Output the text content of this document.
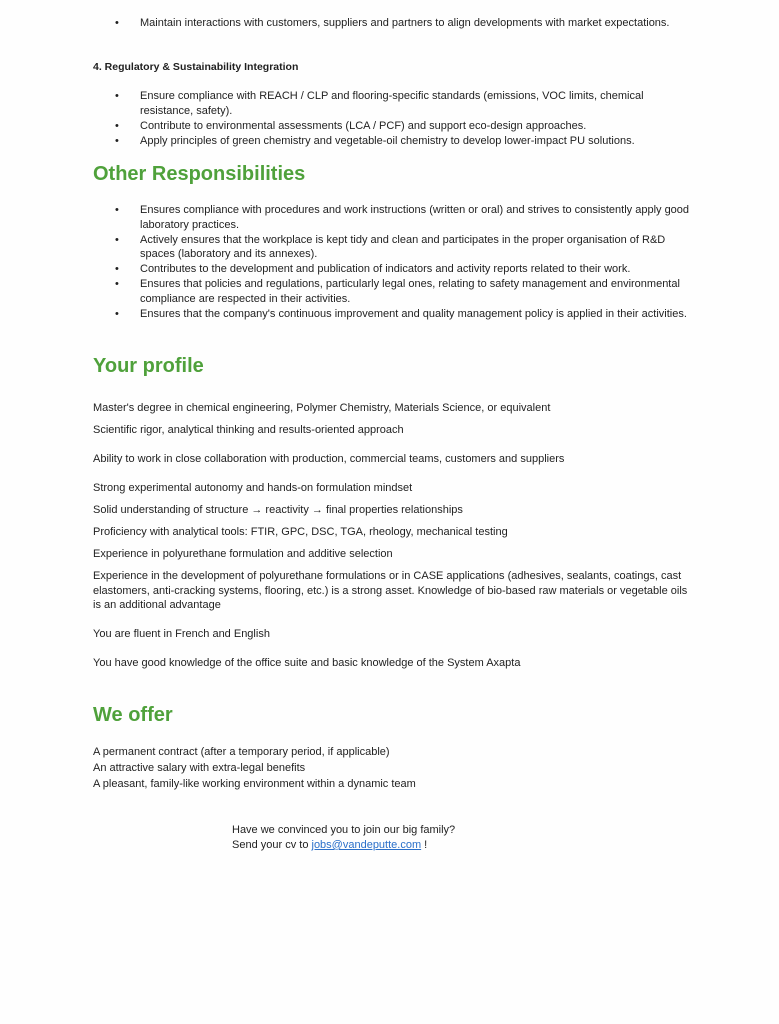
• Maintain interactions with customers, suppliers and partners to align developments with market expectations.
4. Regulatory & Sustainability Integration
• Ensure compliance with REACH / CLP and flooring-specific standards (emissions, VOC limits, chemical resistance, safety).
• Contribute to environmental assessments (LCA / PCF) and support eco-design approaches.
• Apply principles of green chemistry and vegetable-oil chemistry to develop lower-impact PU solutions.
Other Responsibilities
• Ensures compliance with procedures and work instructions (written or oral) and strives to consistently apply good laboratory practices.
• Actively ensures that the workplace is kept tidy and clean and participates in the proper organisation of R&D spaces (laboratory and its annexes).
• Contributes to the development and publication of indicators and activity reports related to their work.
• Ensures that policies and regulations, particularly legal ones, relating to safety management and environmental compliance are respected in their activities.
• Ensures that the company's continuous improvement and quality management policy is applied in their activities.
Your profile
Master's degree in chemical engineering, Polymer Chemistry, Materials Science, or equivalent
Scientific rigor, analytical thinking and results-oriented approach
Ability to work in close collaboration with production, commercial teams, customers and suppliers
Strong experimental autonomy and hands-on formulation mindset
Solid understanding of structure → reactivity → final properties relationships
Proficiency with analytical tools: FTIR, GPC, DSC, TGA, rheology, mechanical testing
Experience in polyurethane formulation and additive selection
Experience in the development of polyurethane formulations or in CASE applications (adhesives, sealants, coatings, cast elastomers, anti-cracking systems, flooring, etc.) is a strong asset. Knowledge of bio-based raw materials or vegetable oils is an additional advantage
You are fluent in French and English
You have good knowledge of the office suite and basic knowledge of the System Axapta
We offer
A permanent contract (after a temporary period, if applicable)
An attractive salary with extra-legal benefits
A pleasant, family-like working environment within a dynamic team
Have we convinced you to join our big family?
Send your cv to jobs@vandeputte.com !
